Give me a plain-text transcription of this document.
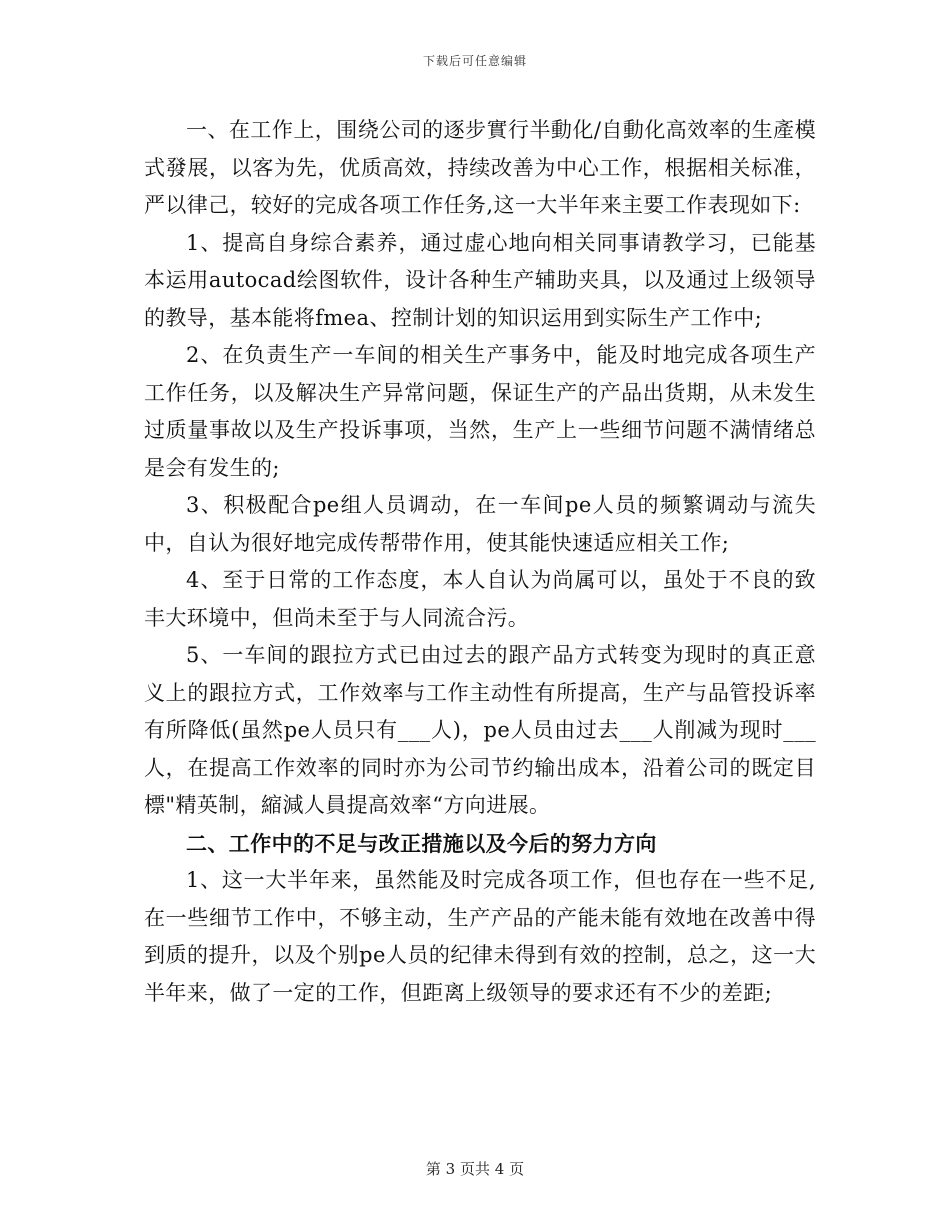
下载后可任意编辑

一、在工作上，围绕公司的逐步實行半動化/自動化高效率的生產模式發展，以客为先，优质高效，持续改善为中心工作，根据相关标准，严以律己，较好的完成各项工作任务,这一大半年来主要工作表现如下:

1、提高自身综合素养，通过虚心地向相关同事请教学习，已能基本运用autocad绘图软件，设计各种生产辅助夹具，以及通过上级领导的教导，基本能将fmea、控制计划的知识运用到实际生产工作中;

2、在负责生产一车间的相关生产事务中，能及时地完成各项生产工作任务，以及解决生产异常问题，保证生产的产品出货期，从未发生过质量事故以及生产投诉事项，当然，生产上一些细节问题不满情绪总是会有发生的;

3、积极配合pe组人员调动，在一车间pe人员的频繁调动与流失中，自认为很好地完成传帮带作用，使其能快速适应相关工作;

4、至于日常的工作态度，本人自认为尚属可以，虽处于不良的致丰大环境中，但尚未至于与人同流合污。

5、一车间的跟拉方式已由过去的跟产品方式转变为现时的真正意义上的跟拉方式，工作效率与工作主动性有所提高，生产与品管投诉率有所降低(虽然pe人员只有___人)，pe人员由过去___人削减为现时___人，在提高工作效率的同时亦为公司节约输出成本，沿着公司的既定目標"精英制，縮減人員提高效率“方向进展。

二、工作中的不足与改正措施以及今后的努力方向

1、这一大半年来，虽然能及时完成各项工作，但也存在一些不足,在一些细节工作中，不够主动，生产产品的产能未能有效地在改善中得到质的提升，以及个别pe人员的纪律未得到有效的控制，总之，这一大半年来，做了一定的工作，但距离上级领导的要求还有不少的差距;

第 3 页共 4 页
